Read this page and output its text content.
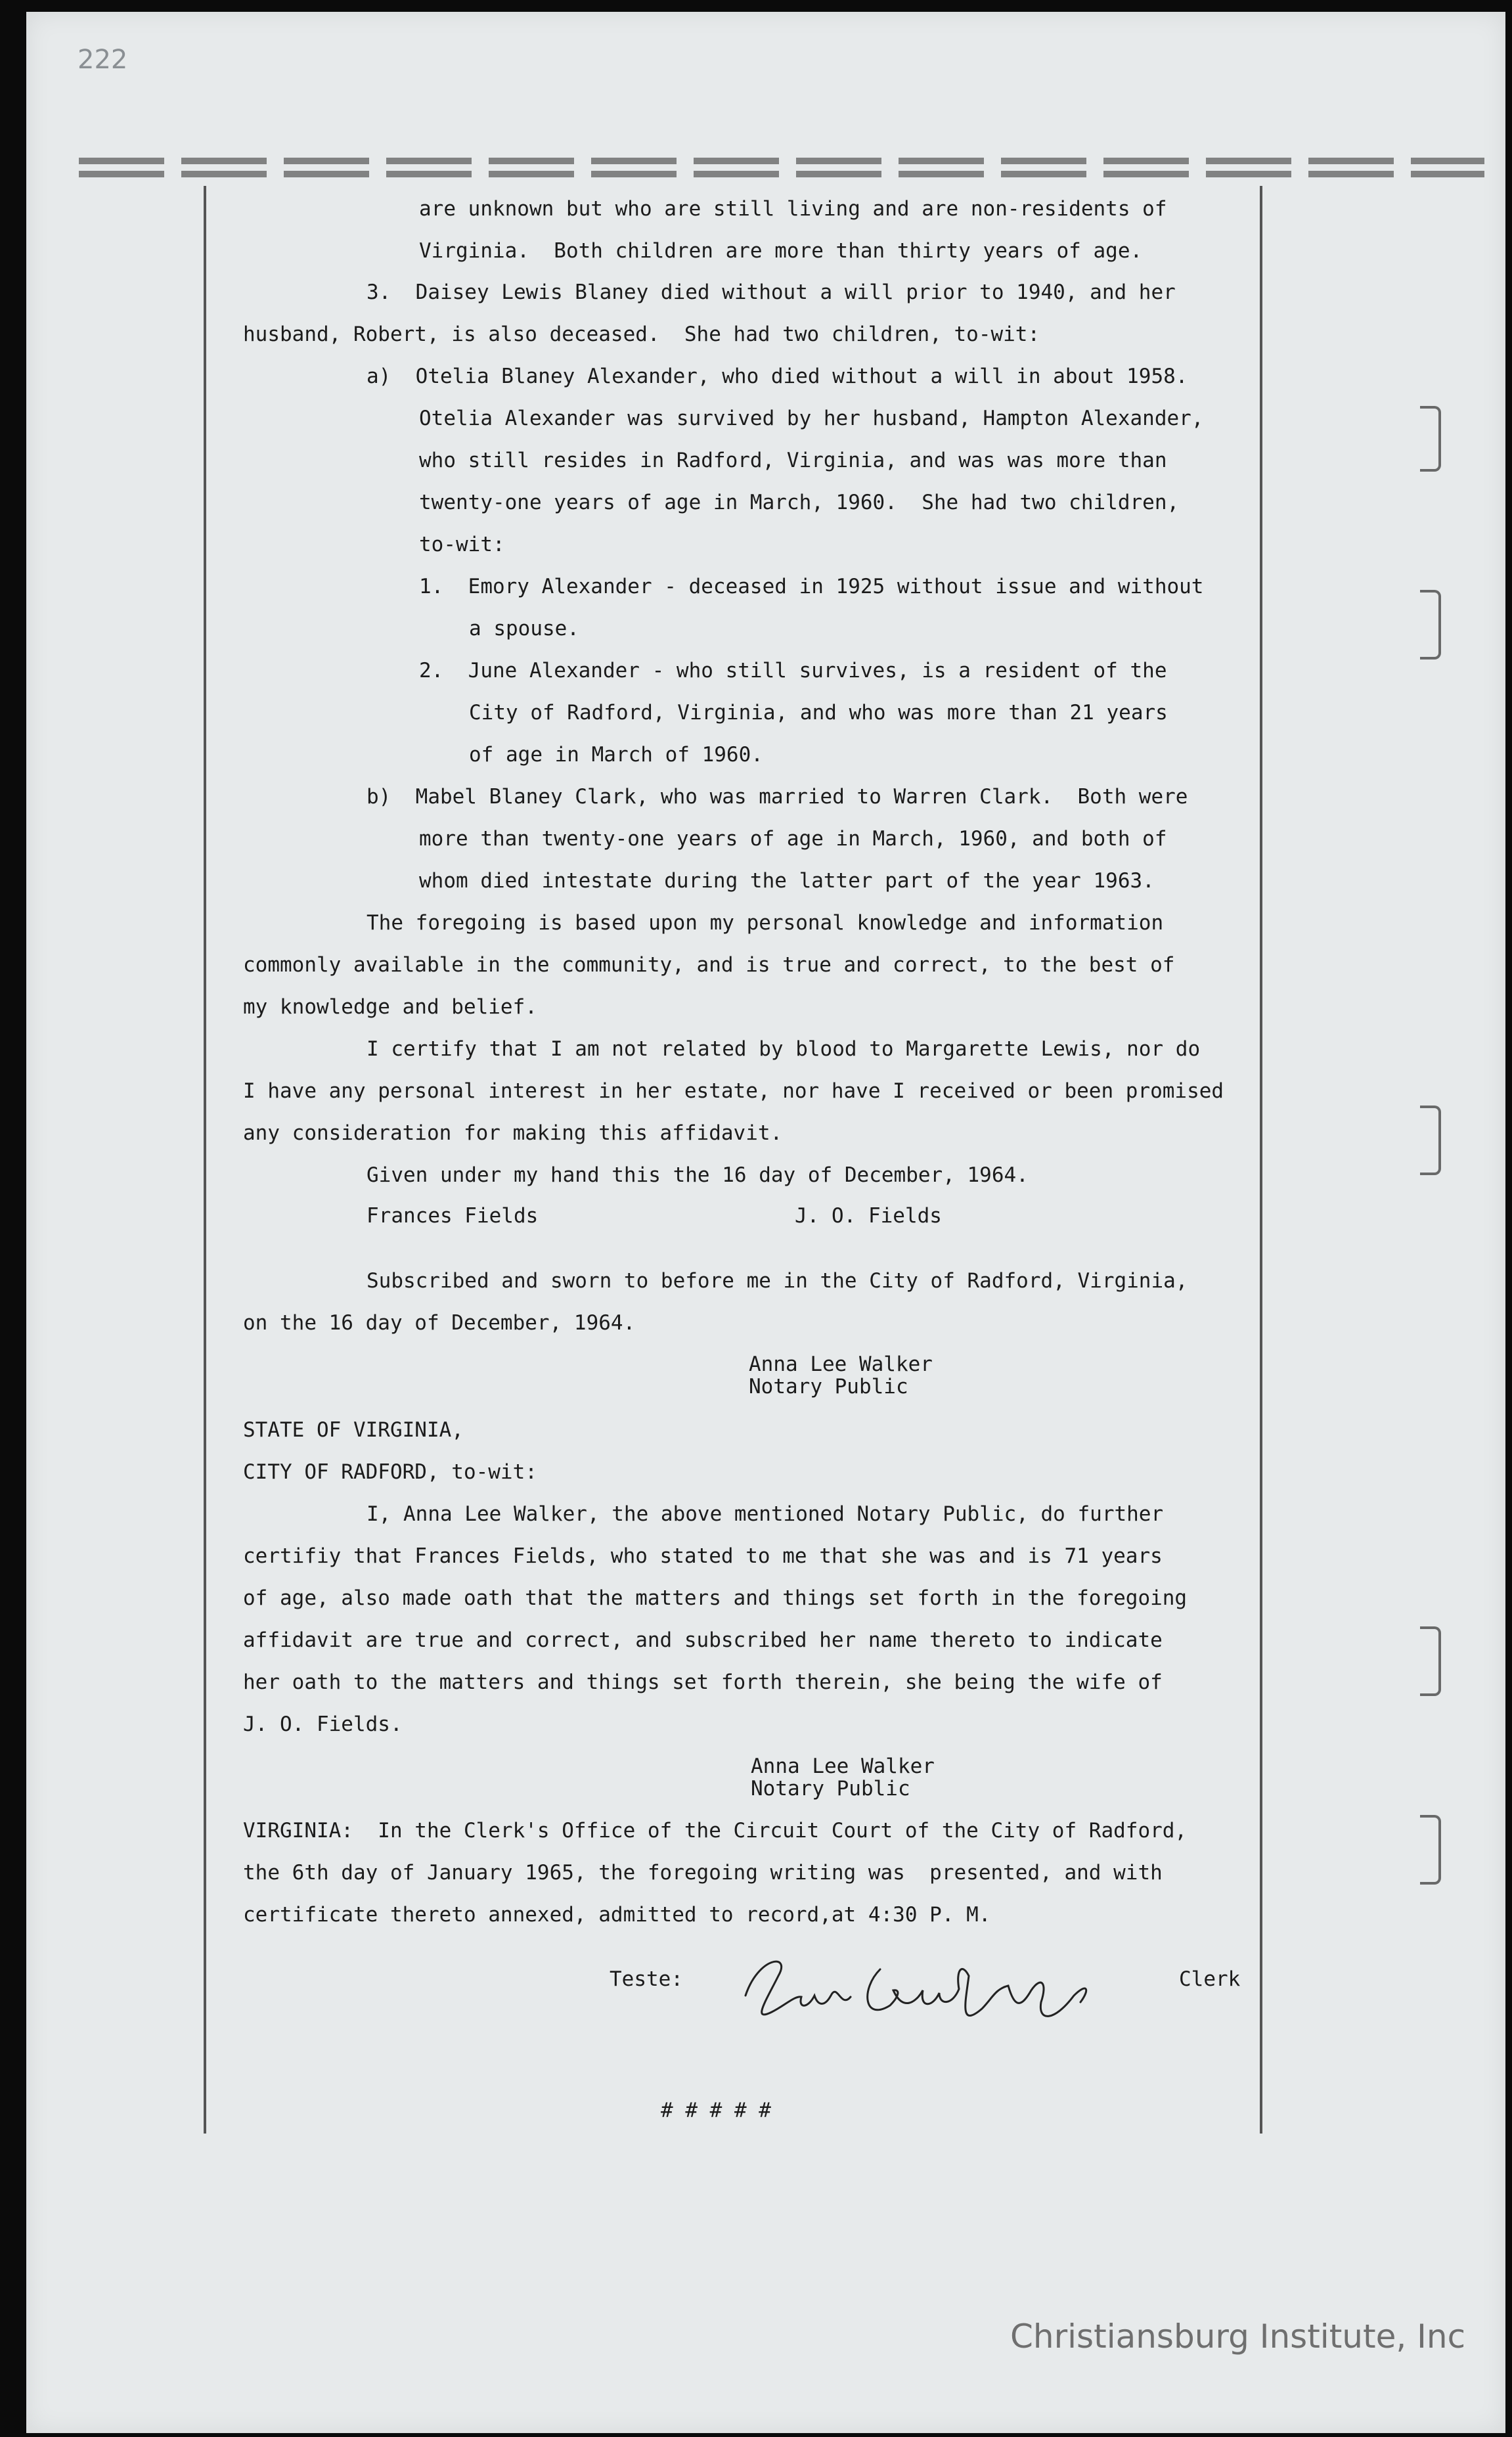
222
are unknown but who are still living and are non-residents of
Virginia.  Both children are more than thirty years of age.
3.  Daisey Lewis Blaney died without a will prior to 1940, and her
husband, Robert, is also deceased.  She had two children, to-wit:
a)  Otelia Blaney Alexander, who died without a will in about 1958.
Otelia Alexander was survived by her husband, Hampton Alexander,
who still resides in Radford, Virginia, and was was more than
twenty-one years of age in March, 1960.  She had two children,
to-wit:
1.  Emory Alexander - deceased in 1925 without issue and without
a spouse.
2.  June Alexander - who still survives, is a resident of the
City of Radford, Virginia, and who was more than 21 years
of age in March of 1960.
b)  Mabel Blaney Clark, who was married to Warren Clark.  Both were
more than twenty-one years of age in March, 1960, and both of
whom died intestate during the latter part of the year 1963.
The foregoing is based upon my personal knowledge and information
commonly available in the community, and is true and correct, to the best of
my knowledge and belief.
I certify that I am not related by blood to Margarette Lewis, nor do
I have any personal interest in her estate, nor have I received or been promised
any consideration for making this affidavit.
Given under my hand this the 16 day of December, 1964.
Frances Fields	J. O. Fields
Subscribed and sworn to before me in the City of Radford, Virginia,
on the 16 day of December, 1964.
Anna Lee Walker
Notary Public
STATE OF VIRGINIA,
CITY OF RADFORD, to-wit:
I, Anna Lee Walker, the above mentioned Notary Public, do further
certifiy that Frances Fields, who stated to me that she was and is 71 years
of age, also made oath that the matters and things set forth in the foregoing
affidavit are true and correct, and subscribed her name thereto to indicate
her oath to the matters and things set forth therein, she being the wife of
J. O. Fields.
Anna Lee Walker
Notary Public
VIRGINIA:  In the Clerk's Office of the Circuit Court of the City of Radford,
the 6th day of January 1965, the foregoing writing was  presented, and with
certificate thereto annexed, admitted to record,at 4:30 P. M.
Teste:	Clerk
# # # # #
Christiansburg Institute, Inc
